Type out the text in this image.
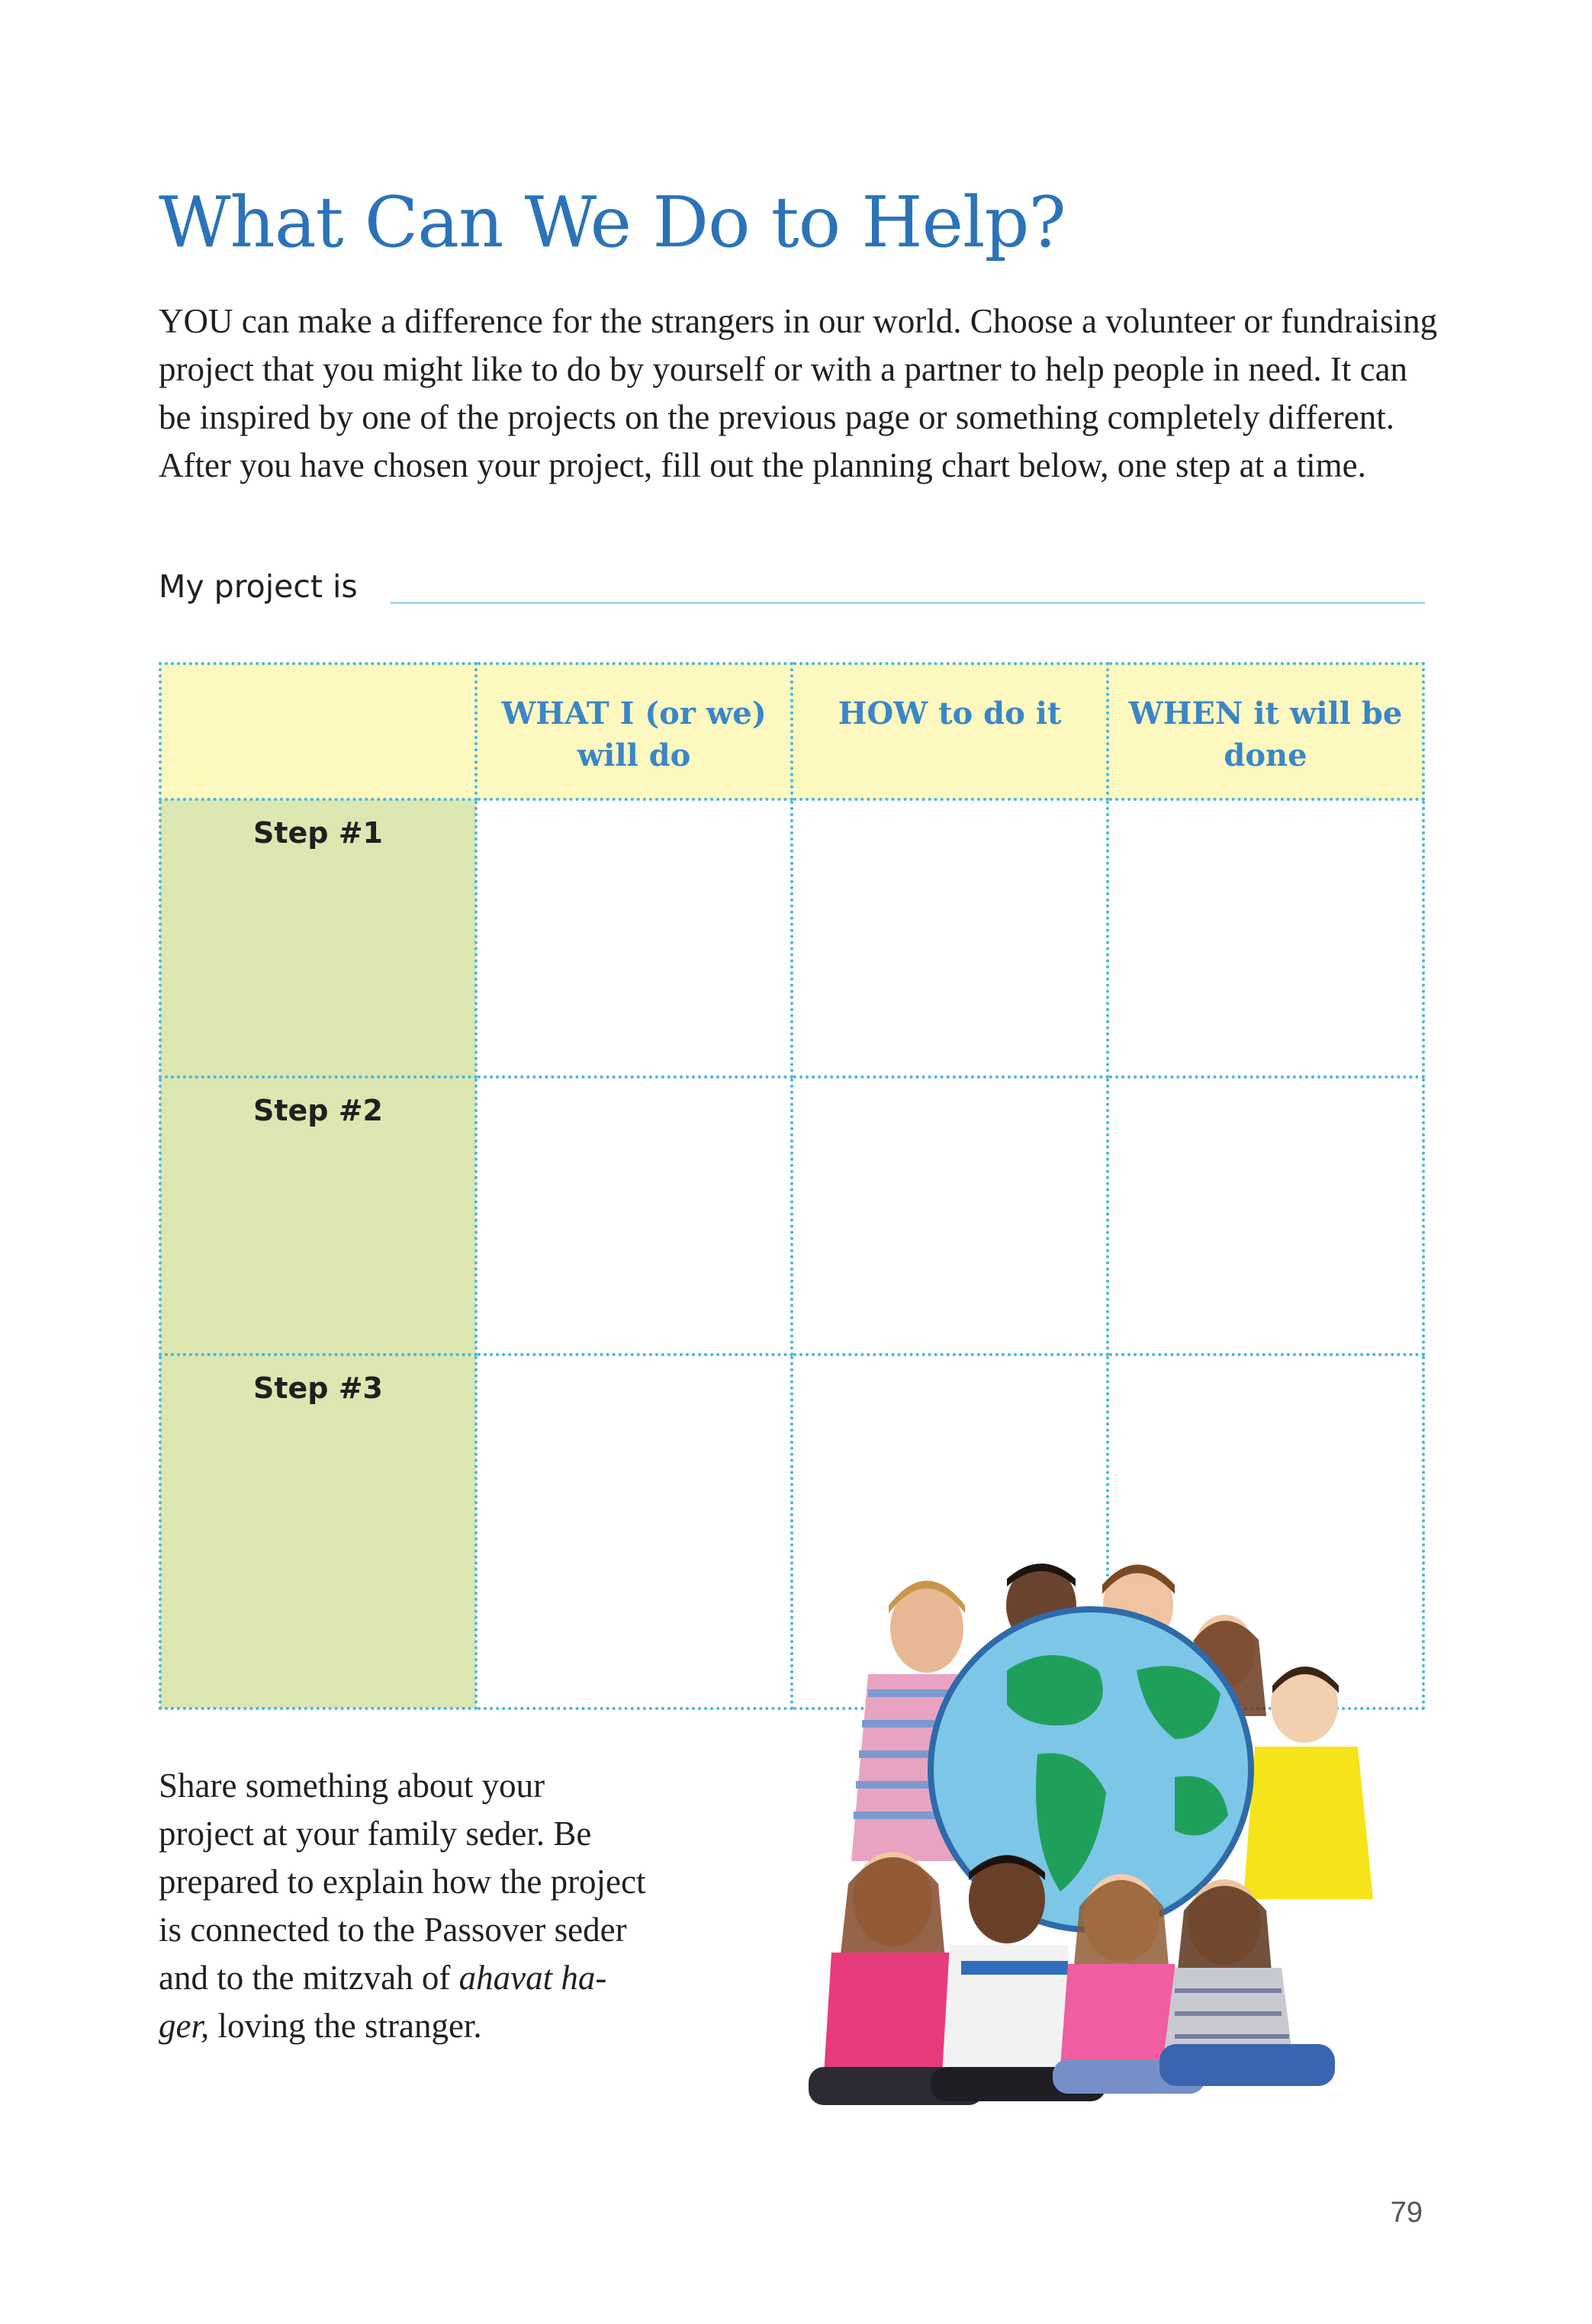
What Can We Do to Help?

YOU can make a difference for the strangers in our world. Choose a volunteer or fundraising project that you might like to do by yourself or with a partner to help people in need. It can be inspired by one of the projects on the previous page or something completely different. After you have chosen your project, fill out the planning chart below, one step at a time.

My project is
	WHAT I (or we) will do	HOW to do it	WHEN it will be done
Step #1			
Step #2			
Step #3			

Share something about your project at your family seder. Be prepared to explain how the project is connected to the Passover seder and to the mitzvah of ahavat ha-ger, loving the stranger.

79
